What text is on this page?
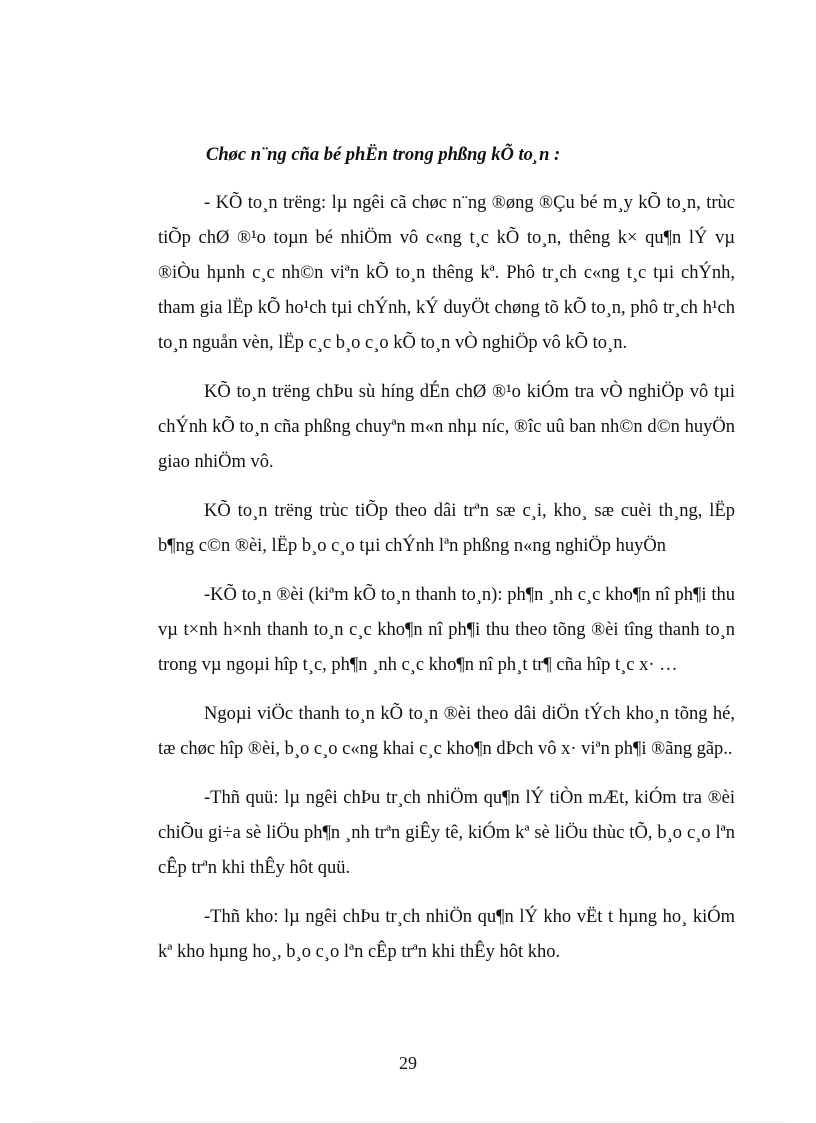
Chøc n¨ng cña bé phËn trong phßng kÕ to¸n :

- KÕ to¸n trëng: lµ ngêi cã chøc n¨ng ®øng ®Çu bé m¸y kÕ to¸n, trùc tiÕp chØ ®¹o toµn bé nhiÖm vô c«ng t¸c kÕ to¸n, thêng k× qu¶n lÝ vµ ®iÒu hµnh c¸c nh©n viªn kÕ to¸n thêng kª. Phô tr¸ch c«ng t¸c tµi chÝnh, tham gia lËp kÕ ho¹ch tµi chÝnh, kÝ duyÖt chøng tõ kÕ to¸n, phô tr¸ch h¹ch to¸n nguån vèn, lËp c¸c b¸o c¸o kÕ to¸n vÒ nghiÖp vô kÕ to¸n.

KÕ to¸n trëng chÞu sù híng dÉn chØ ®¹o kiÓm tra vÒ nghiÖp vô tµi chÝnh kÕ to¸n cña phßng chuyªn m«n nhµ níc, ®îc uû ban nh©n d©n huyÖn giao nhiÖm vô.

KÕ to¸n trëng trùc tiÕp theo dâi trªn sæ c¸i, kho¸ sæ cuèi th¸ng, lËp b¶ng c©n ®èi, lËp b¸o c¸o tµi chÝnh lªn phßng n«ng nghiÖp huyÖn

-KÕ to¸n ®èi (kiªm kÕ to¸n thanh to¸n): ph¶n ¸nh c¸c kho¶n nî ph¶i thu vµ t×nh h×nh thanh to¸n c¸c kho¶n nî ph¶i thu theo tõng ®èi tîng thanh to¸n trong vµ ngoµi hîp t¸c, ph¶n ¸nh c¸c kho¶n nî ph¸t tr¶ cña hîp t¸c x· …

Ngoµi viÖc thanh to¸n kÕ to¸n ®èi theo dâi diÖn tÝch kho¸n tõng hé, tæ chøc hîp ®èi, b¸o c¸o c«ng khai c¸c kho¶n dÞch vô x· viªn ph¶i ®ãng gãp..

-Thñ quü: lµ ngêi chÞu tr¸ch nhiÖm qu¶n lÝ tiÒn mÆt, kiÓm tra ®èi chiÕu gi÷a sè liÖu ph¶n ¸nh trªn giÊy tê, kiÓm kª sè liÖu thùc tÕ, b¸o c¸o lªn cÊp trªn khi thÊy hôt quü.

-Thñ kho: lµ ngêi chÞu tr¸ch nhiÖn qu¶n lÝ kho vËt t hµng ho¸ kiÓm kª kho hµng ho¸, b¸o c¸o lªn cÊp trªn khi thÊy hôt kho.

29
